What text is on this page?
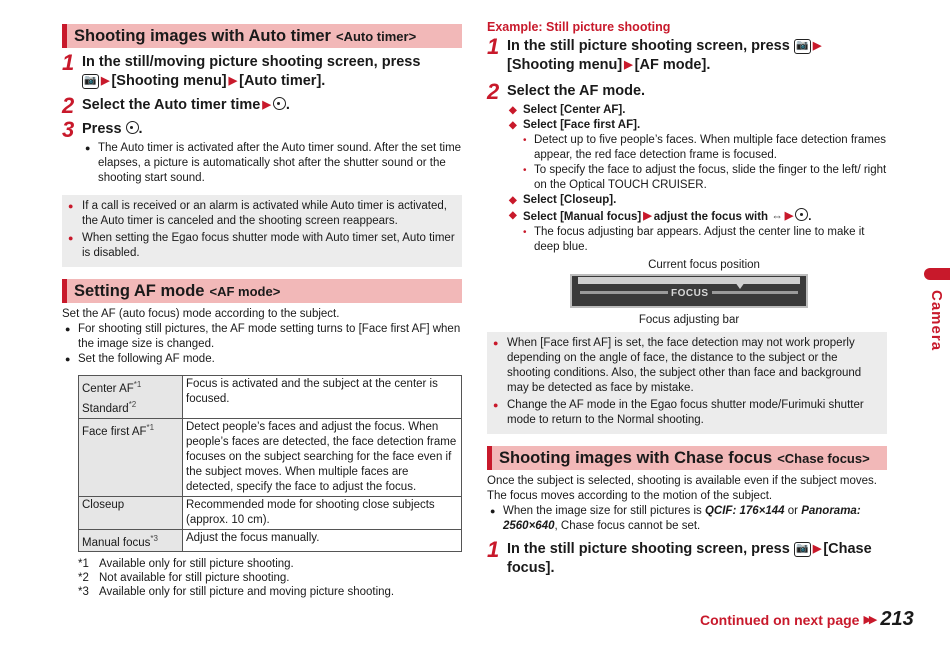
Shooting images with Auto timer <Auto timer>
1 In the still/moving picture shooting screen, press
📷 ▶ [Shooting menu] ▶ [Auto timer].
2 Select the Auto timer time ▶ .
3 Press .
● The Auto timer is activated after the Auto timer sound. After the set time elapses, a picture is automatically shot after the shutter sound or the shooting start sound.
● If a call is received or an alarm is activated while Auto timer is activated, the Auto timer is canceled and the shooting screen reappears.
● When setting the Egao focus shutter mode with Auto timer set, Auto timer is disabled.
Setting AF mode <AF mode>
Set the AF (auto focus) mode according to the subject.
● For shooting still pictures, the AF mode setting turns to [Face first AF] when the image size is changed.
● Set the following AF mode.
Center AF$^{*1}$
Standard$^{*2}$	Focus is activated and the subject at the center is focused.
Face first AF$^{*1}$	Detect people’s faces and adjust the focus. When people’s faces are detected, the face detection frame focuses on the subject searching for the face even if the subject moves. When multiple faces are detected, specify the face to adjust the focus.
Closeup	Recommended mode for shooting close subjects (approx. 10 cm).
Manual focus$^{*3}$	Adjust the focus manually.
*1 Available only for still picture shooting.
*2 Not available for still picture shooting.
*3 Available only for still picture and moving picture shooting.
Example: Still picture shooting
1 In the still picture shooting screen, press 📷 ▶
[Shooting menu] ▶ [AF mode].
2 Select the AF mode.
◆ Select [Center AF].
◆ Select [Face first AF].
• Detect up to five people’s faces. When multiple face detection frames appear, the red face detection frame is focused.
• To specify the face to adjust the focus, slide the finger to the left/ right on the Optical TOUCH CRUISER.
◆ Select [Closeup].
◆ Select [Manual focus] ▶ adjust the focus with ⇔ ▶ .
• The focus adjusting bar appears. Adjust the center line to make it deep blue.
Current focus position
FOCUS
Focus adjusting bar
● When [Face first AF] is set, the face detection may not work properly depending on the angle of face, the distance to the subject or the shooting conditions. Also, the subject other than face and background may be detected as face by mistake.
● Change the AF mode in the Egao focus shutter mode/Furimuki shutter mode to return to the Normal shooting.
Shooting images with Chase focus <Chase focus>
Once the subject is selected, shooting is available even if the subject moves. The focus moves according to the motion of the subject.
● When the image size for still pictures is QCIF: 176×144 or Panorama: 2560×640, Chase focus cannot be set.
1 In the still picture shooting screen, press 📷 ▶ [Chase focus].
Camera
Continued on next page ▶▶ 213
